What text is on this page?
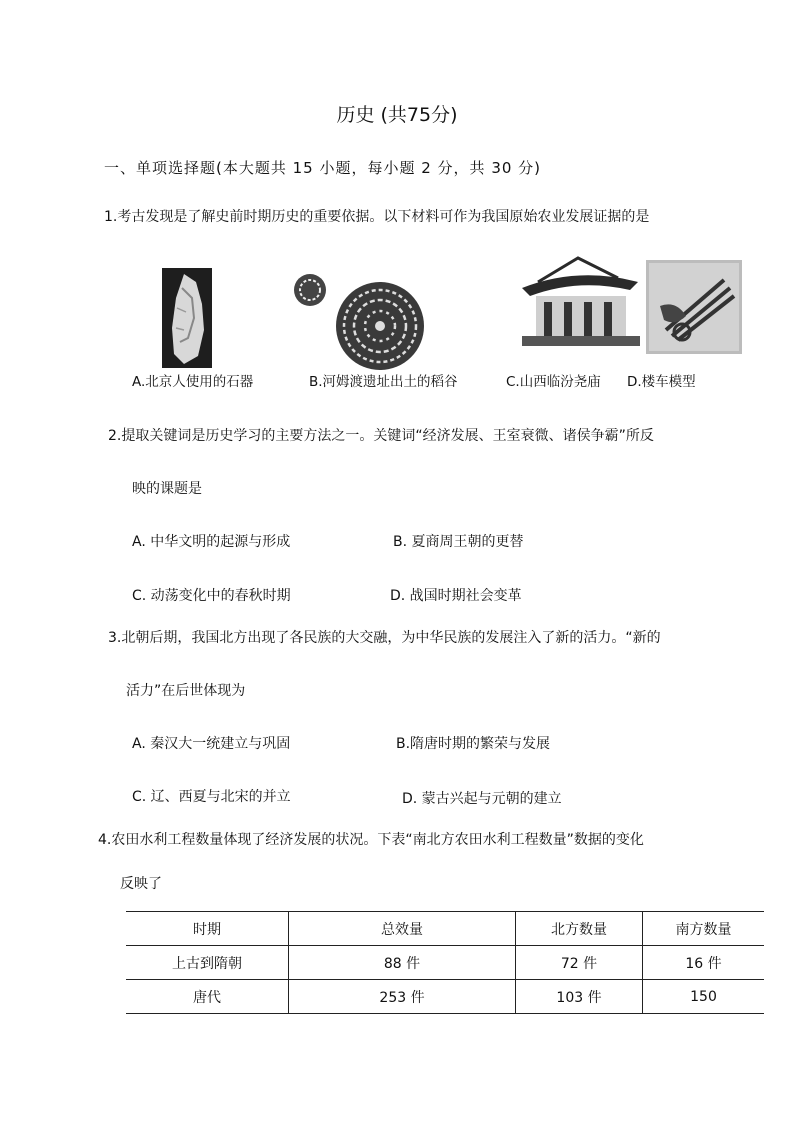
历史 (共75分)
一、单项选择题(本大题共 15 小题，每小题 2 分，共 30 分)
1.考古发现是了解史前时期历史的重要依据。以下材料可作为我国原始农业发展证据的是
A.北京人使用的石器	B.河姆渡遗址出土的稻谷	C.山西临汾尧庙 D.楼车模型
2.提取关键词是历史学习的主要方法之一。关键词“经济发展、王室衰微、诸侯争霸”所反
映的课题是
A. 中华文明的起源与形成	B. 夏商周王朝的更替
C. 动荡变化中的春秋时期	D. 战国时期社会变革
3.北朝后期，我国北方出现了各民族的大交融，为中华民族的发展注入了新的活力。“新的
活力”在后世体现为
A. 秦汉大一统建立与巩固	B.隋唐时期的繁荣与发展
C. 辽、西夏与北宋的并立	D. 蒙古兴起与元朝的建立
4.农田水利工程数量体现了经济发展的状况。下表“南北方农田水利工程数量”数据的变化
反映了
时期	总效量	北方数量	南方数量
上古到隋朝	88 件	72 件	16 件
唐代	253 件	103 件	150
